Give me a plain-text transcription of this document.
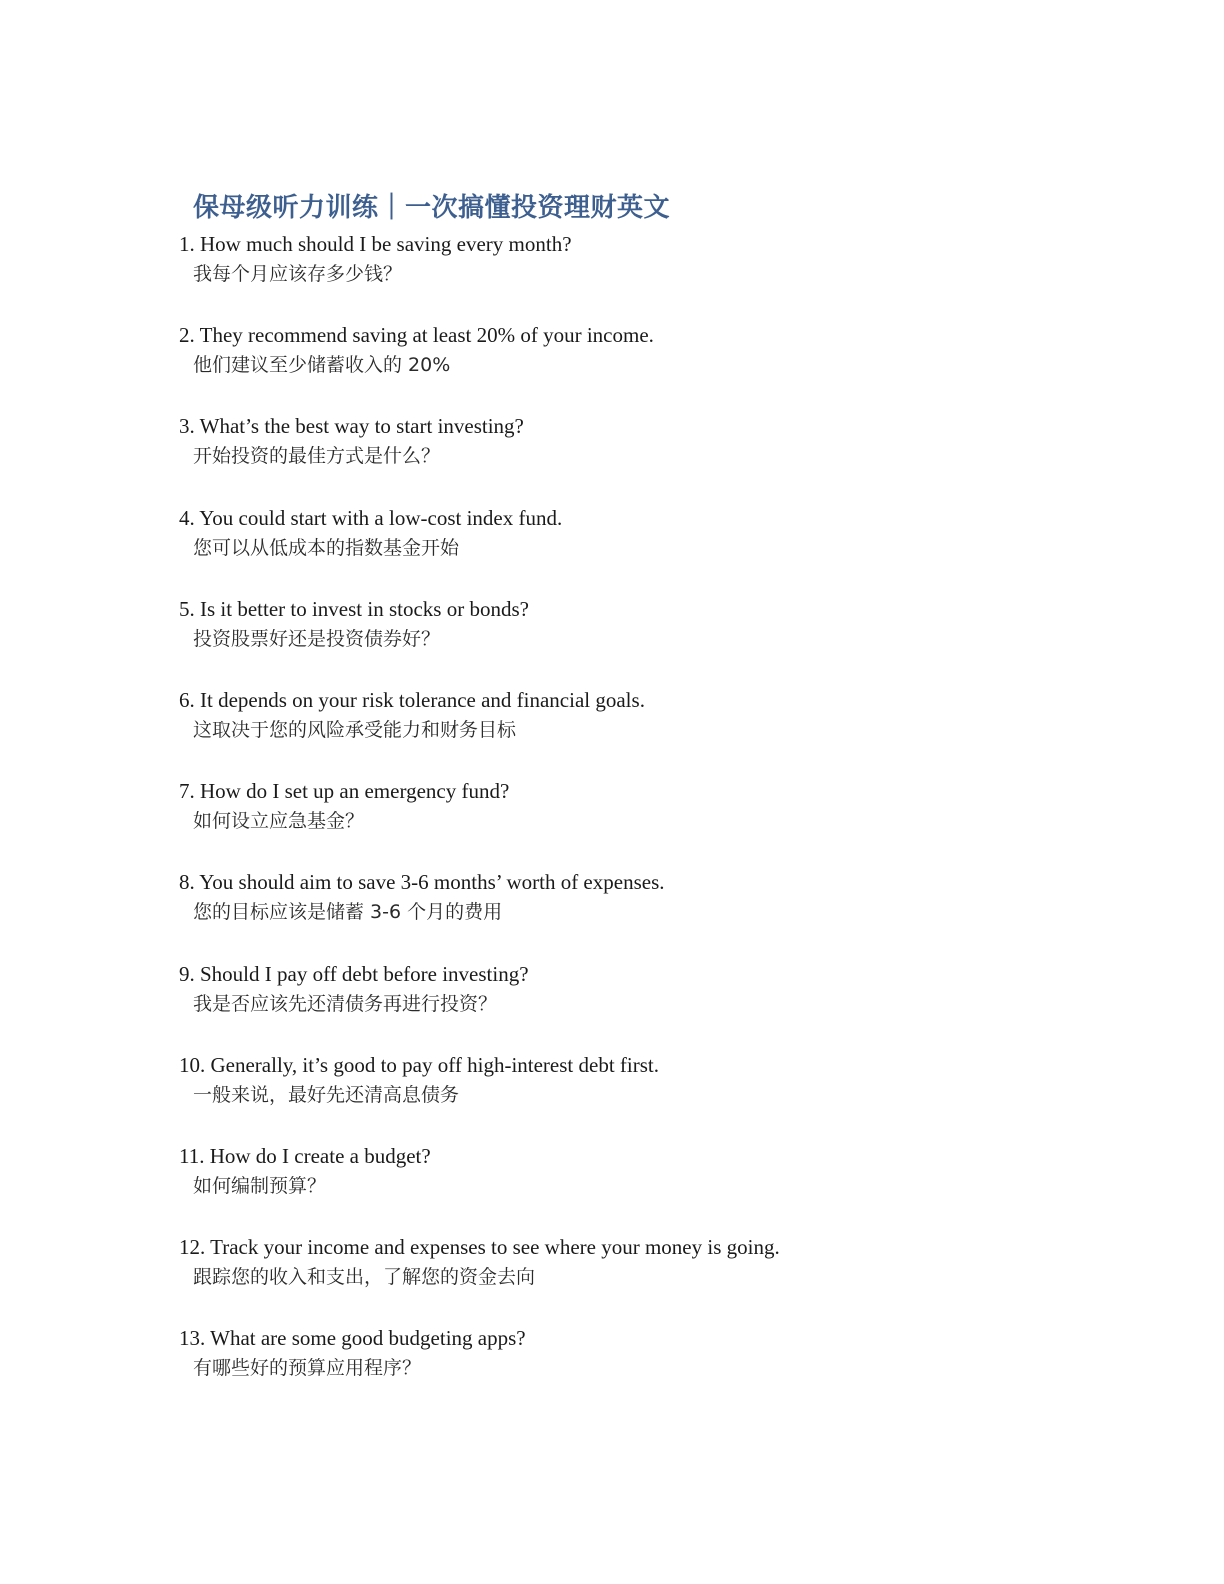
保母级听力训练｜一次搞懂投资理财英文
1. How much should I be saving every month?
我每个月应该存多少钱？
2. They recommend saving at least 20% of your income.
他们建议至少储蓄收入的 20%
3. What’s the best way to start investing?
开始投资的最佳方式是什么？
4. You could start with a low-cost index fund.
您可以从低成本的指数基金开始
5. Is it better to invest in stocks or bonds?
投资股票好还是投资债券好？
6. It depends on your risk tolerance and financial goals.
这取决于您的风险承受能力和财务目标
7. How do I set up an emergency fund?
如何设立应急基金？
8. You should aim to save 3-6 months’ worth of expenses.
您的目标应该是储蓄 3-6 个月的费用
9. Should I pay off debt before investing?
我是否应该先还清债务再进行投资？
10. Generally, it’s good to pay off high-interest debt first.
一般来说，最好先还清高息债务
11. How do I create a budget?
如何编制预算？
12. Track your income and expenses to see where your money is going.
跟踪您的收入和支出，了解您的资金去向
13. What are some good budgeting apps?
有哪些好的预算应用程序？
